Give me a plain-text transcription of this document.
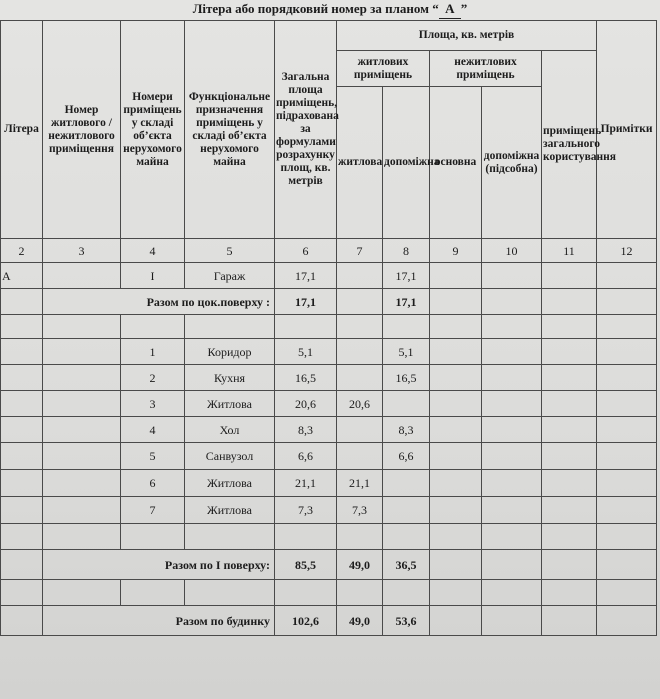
Літера або порядковий номер за планом “ А ”
Літера	Номер житлового / нежитлового приміщення	Номери приміщень у складі об’єкта нерухомого майна	Функціональне призначення приміщень у складі об’єкта нерухомого майна	Загальна площа приміщень, підрахована за формулами розрахунку площ, кв. метрів	Площа, кв. метрів					Примітки
					житлових приміщень		нежитлових приміщень		приміщень загального користування	
					житлова	допоміжна	основна	допоміжна (підсобна)		
2	3	4	5	6	7	8	9	10	11	12
А		I	Гараж	17,1		17,1				
	Разом по цок.поверху :			17,1		17,1				

		1	Коридор	5,1		5,1				
		2	Кухня	16,5		16,5				
		3	Житлова	20,6	20,6					
		4	Хол	8,3		8,3				
		5	Санвузол	6,6		6,6				
		6	Житлова	21,1	21,1					
		7	Житлова	7,3	7,3					

	Разом по I поверху:			85,5	49,0	36,5				

	Разом по будинку			102,6	49,0	53,6				
